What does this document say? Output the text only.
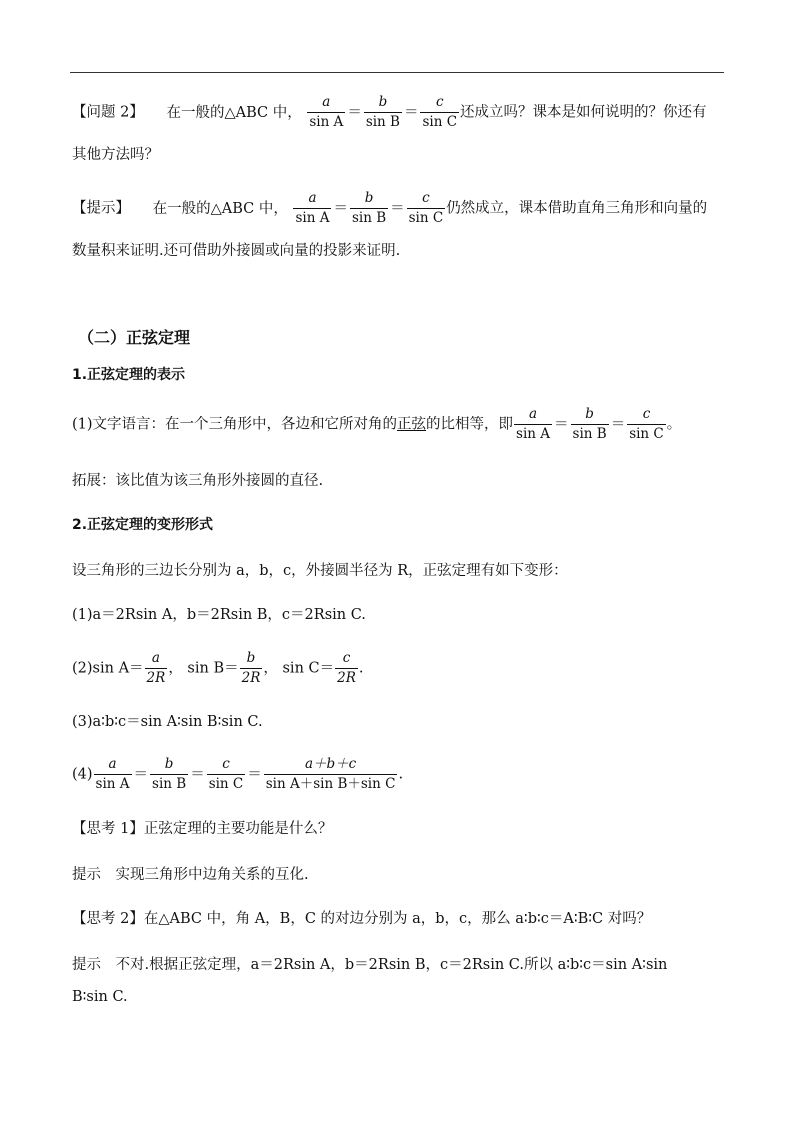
【问题 2】 在一般的△ABC 中， $\frac{a}{\text{sin A}} = \frac{b}{\text{sin B}} = \frac{c}{\text{sin C}}$ 还成立吗？课本是如何说明的？你还有
其他方法吗？
【提示】 在一般的△ABC 中， $\frac{a}{\text{sin A}} = \frac{b}{\text{sin B}} = \frac{c}{\text{sin C}}$ 仍然成立，课本借助直角三角形和向量的
数量积来证明.还可借助外接圆或向量的投影来证明.
（二）正弦定理
1.正弦定理的表示
(1)文字语言：在一个三角形中，各边和它所对角的正弦的比相等，即 $\frac{a}{\text{sin A}} = \frac{b}{\text{sin B}} = \frac{c}{\text{sin C}}$ 。
拓展：该比值为该三角形外接圆的直径.
2.正弦定理的变形形式
设三角形的三边长分别为 a，b，c，外接圆半径为 R，正弦定理有如下变形：
(1)a＝2Rsin A，b＝2Rsin B，c＝2Rsin C.
(2)sin $A= \frac{a}{2R}$ ， $\sin B= \frac{b}{2R}$ ， $\sin C= \frac{c}{2R}$ .
(3)a∶b∶c＝sin A∶sin B∶sin C.
$(4) \frac{a}{\text{sin A}} = \frac{b}{\text{sin B}} = \frac{c}{\text{sin C}} = \frac{a+b+c}{\text{sin A＋sin B＋sin C}}$ .
【思考 1】正弦定理的主要功能是什么？
提示　实现三角形中边角关系的互化.
【思考 2】在△ABC 中，角 A，B，C 的对边分别为 a，b，c，那么 a∶b∶c＝A∶B∶C 对吗？
提示　不对.根据正弦定理，a＝2Rsin A，b＝2Rsin B，c＝2Rsin C.所以 a∶b∶c＝sin A∶sin
B∶sin C.
